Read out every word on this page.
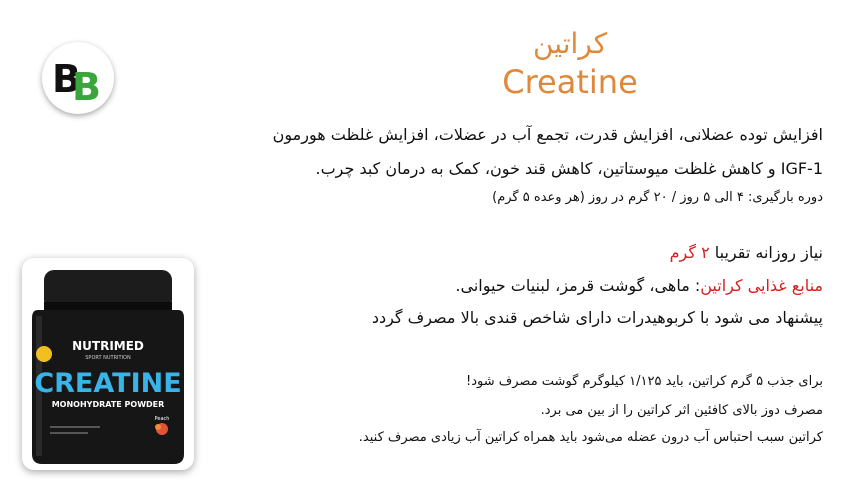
B
B
کراتین
Creatine
افزایش توده عضلانی، افزایش قدرت، تجمع آب در عضلات، افزایش غلظت هورمون
IGF-1 و کاهش غلظت میوستاتین، کاهش قند خون، کمک به درمان کبد چرب.
دوره بارگیری: ۴ الی ۵ روز / ۲۰ گرم در روز (هر وعده ۵ گرم)
نیاز روزانه تقریبا ۲ گرم
منابع غذایی کراتین: ماهی، گوشت قرمز، لبنیات حیوانی.
پیشنهاد می شود با کربوهیدرات دارای شاخص قندی بالا مصرف گردد
برای جذب ۵ گرم کراتین، باید ۱/۱۲۵ کیلوگرم گوشت مصرف شود!
مصرف دوز بالای کافئین اثر کراتین را از بین می برد.
کراتین سبب احتباس آب درون عضله می‌شود باید همراه کراتین آب زیادی مصرف کنید.
NUTRIMED
SPORT NUTRITION
CREATINE
MONOHYDRATE POWDER
Peach
